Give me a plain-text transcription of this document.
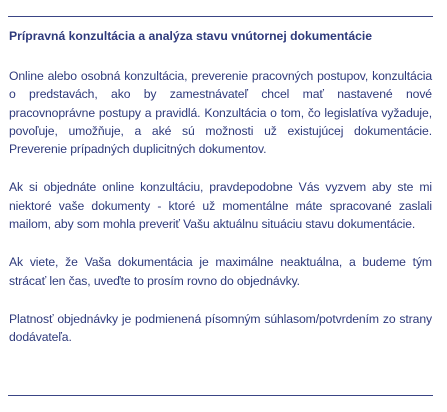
Prípravná konzultácia a analýza stavu vnútornej dokumentácie

Online alebo osobná konzultácia, preverenie pracovných postupov, konzultácia o predstavách, ako by zamestnávateľ chcel mať nastavené nové pracovnoprávne postupy a pravidlá. Konzultácia o tom, čo legislatíva vyžaduje, povoľuje, umožňuje, a aké sú možnosti už existujúcej dokumentácie. Preverenie prípadných duplicitných dokumentov.

Ak si objednáte online konzultáciu, pravdepodobne Vás vyzvem aby ste mi niektoré vaše dokumenty - ktoré už momentálne máte spracované zaslali mailom, aby som mohla preveriť Vašu aktuálnu situáciu stavu dokumentácie.

Ak viete, že Vaša dokumentácia je maximálne neaktuálna, a budeme tým strácať len čas, uveďte to prosím rovno do objednávky.

Platnosť objednávky je podmienená písomným súhlasom/potvrdením zo strany dodávateľa.
